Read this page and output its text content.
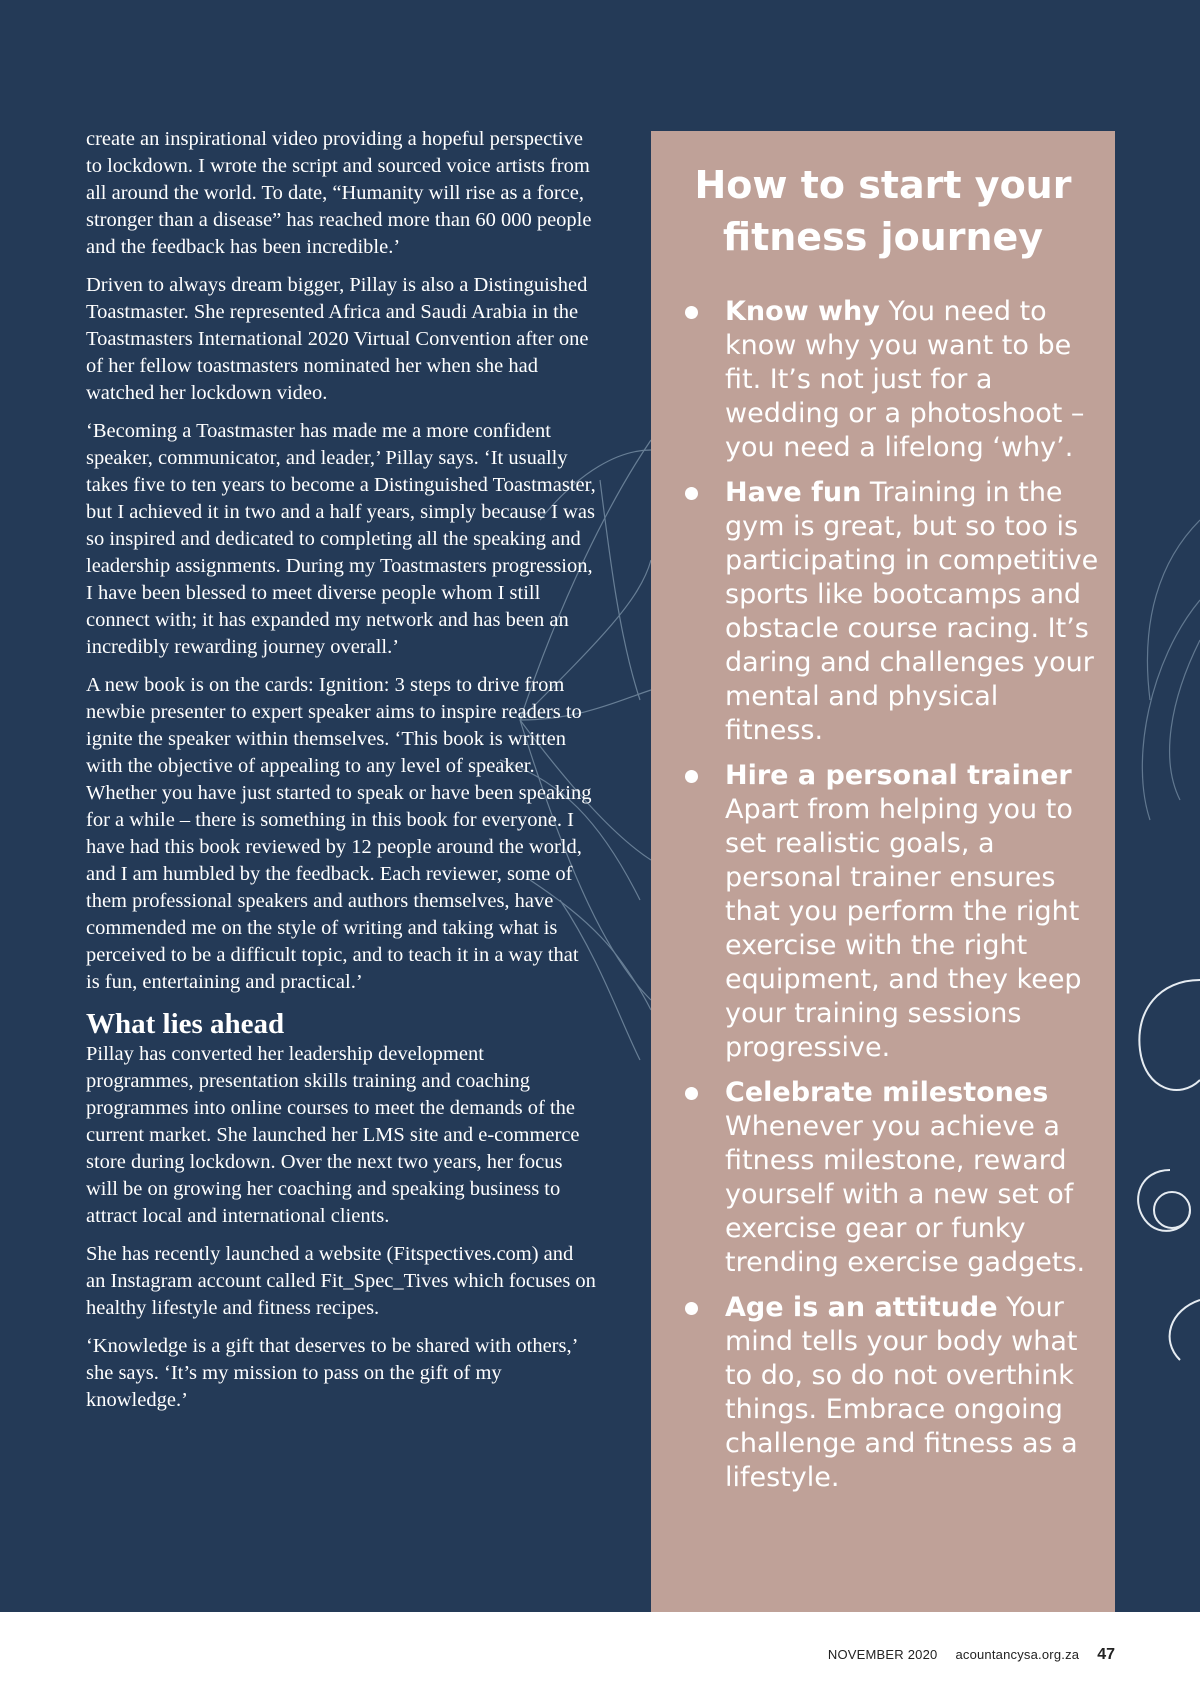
create an inspirational video providing a hopeful perspective to lockdown. I wrote the script and sourced voice artists from all around the world. To date, “Humanity will rise as a force, stronger than a disease” has reached more than 60 000 people and the feedback has been incredible.’

Driven to always dream bigger, Pillay is also a Distinguished Toastmaster. She represented Africa and Saudi Arabia in the Toastmasters International 2020 Virtual Convention after one of her fellow toastmasters nominated her when she had watched her lockdown video.

‘Becoming a Toastmaster has made me a more confident speaker, communicator, and leader,’ Pillay says. ‘It usually takes five to ten years to become a Distinguished Toastmaster, but I achieved it in two and a half years, simply because I was so inspired and dedicated to completing all the speaking and leadership assignments. During my Toastmasters progression, I have been blessed to meet diverse people whom I still connect with; it has expanded my network and has been an incredibly rewarding journey overall.’

A new book is on the cards: Ignition: 3 steps to drive from newbie presenter to expert speaker aims to inspire readers to ignite the speaker within themselves. ‘This book is written with the objective of appealing to any level of speaker. Whether you have just started to speak or have been speaking for a while – there is something in this book for everyone. I have had this book reviewed by 12 people around the world, and I am humbled by the feedback. Each reviewer, some of them professional speakers and authors themselves, have commended me on the style of writing and taking what is perceived to be a difficult topic, and to teach it in a way that is fun, entertaining and practical.’

What lies ahead

Pillay has converted her leadership development programmes, presentation skills training and coaching programmes into online courses to meet the demands of the current market. She launched her LMS site and e-commerce store during lockdown. Over the next two years, her focus will be on growing her coaching and speaking business to attract local and international clients.

She has recently launched a website (Fitspectives.com) and an Instagram account called Fit_Spec_Tives which focuses on healthy lifestyle and fitness recipes.

‘Knowledge is a gift that deserves to be shared with others,’ she says. ‘It’s my mission to pass on the gift of my knowledge.’

How to start your fitness journey
Know why You need to know why you want to be fit. It’s not just for a wedding or a photoshoot – you need a lifelong ‘why’.
Have fun Training in the gym is great, but so too is participating in competitive sports like bootcamps and obstacle course racing. It’s daring and challenges your mental and physical fitness.
Hire a personal trainer Apart from helping you to set realistic goals, a personal trainer ensures that you perform the right exercise with the right equipment, and they keep your training sessions progressive.
Celebrate milestones Whenever you achieve a fitness milestone, reward yourself with a new set of exercise gear or funky trending exercise gadgets.
Age is an attitude Your mind tells your body what to do, so do not overthink things. Embrace ongoing challenge and fitness as a lifestyle.
NOVEMBER 2020 acountancysa.org.za 47
